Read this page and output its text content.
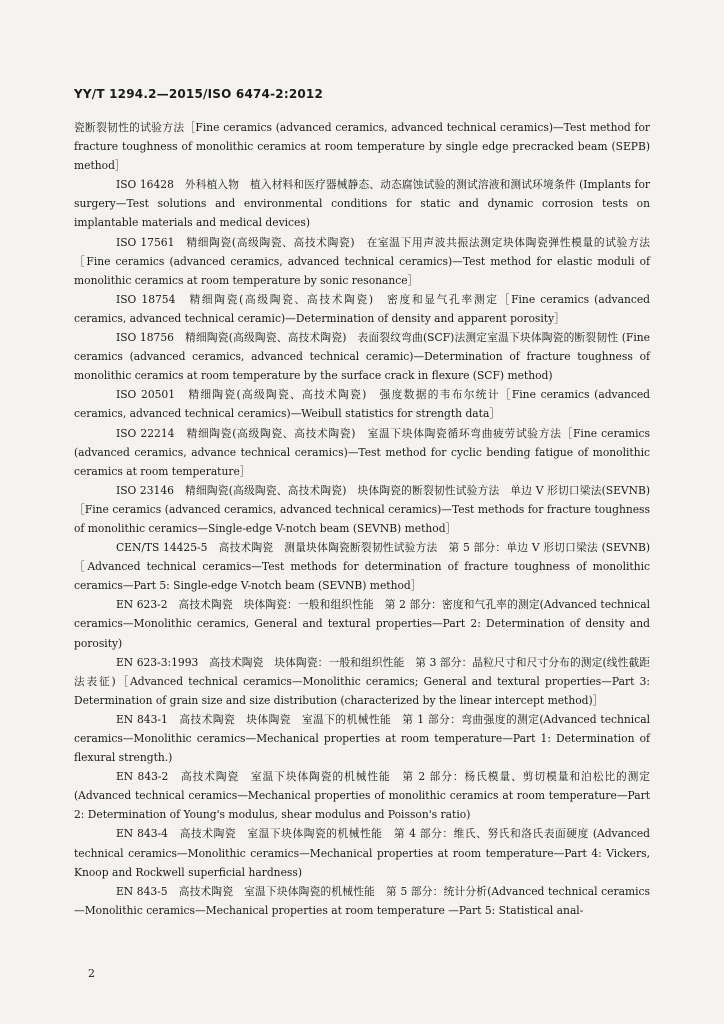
YY/T 1294.2—2015/ISO 6474-2:2012

瓷断裂韧性的试验方法［Fine ceramics (advanced ceramics, advanced technical ceramics)—Test method for fracture toughness of monolithic ceramics at room temperature by single edge precracked beam (SEPB) method］

ISO 16428　外科植入物　植入材料和医疗器械静态、动态腐蚀试验的测试溶液和测试环境条件 (Implants for surgery—Test solutions and environmental conditions for static and dynamic corrosion tests on implantable materials and medical devices)

ISO 17561　精细陶瓷(高级陶瓷、高技术陶瓷)　在室温下用声波共振法测定块体陶瓷弹性模量的试验方法［Fine ceramics (advanced ceramics, advanced technical ceramics)—Test method for elastic moduli of monolithic ceramics at room temperature by sonic resonance］

ISO 18754　精细陶瓷(高级陶瓷、高技术陶瓷)　密度和显气孔率测定［Fine ceramics (advanced ceramics, advanced technical ceramic)—Determination of density and apparent porosity］

ISO 18756　精细陶瓷(高级陶瓷、高技术陶瓷)　表面裂纹弯曲(SCF)法测定室温下块体陶瓷的断裂韧性 (Fine ceramics (advanced ceramics, advanced technical ceramic)—Determination of fracture toughness of monolithic ceramics at room temperature by the surface crack in flexure (SCF) method)

ISO 20501　精细陶瓷(高级陶瓷、高技术陶瓷)　强度数据的韦布尔统计［Fine ceramics (advanced ceramics, advanced technical ceramics)—Weibull statistics for strength data］

ISO 22214　精细陶瓷(高级陶瓷、高技术陶瓷)　室温下块体陶瓷循环弯曲疲劳试验方法［Fine ceramics (advanced ceramics, advance technical ceramics)—Test method for cyclic bending fatigue of monolithic ceramics at room temperature］

ISO 23146　精细陶瓷(高级陶瓷、高技术陶瓷)　块体陶瓷的断裂韧性试验方法　单边 V 形切口梁法(SEVNB)［Fine ceramics (advanced ceramics, advanced technical ceramics)—Test methods for fracture toughness of monolithic ceramics—Single-edge V-notch beam (SEVNB) method］

CEN/TS 14425-5　高技术陶瓷　测量块体陶瓷断裂韧性试验方法　第 5 部分：单边 V 形切口梁法 (SEVNB)［Advanced technical ceramics—Test methods for determination of fracture toughness of monolithic ceramics—Part 5: Single-edge V-notch beam (SEVNB) method］

EN 623-2　高技术陶瓷　块体陶瓷：一般和组织性能　第 2 部分：密度和气孔率的测定(Advanced technical ceramics—Monolithic ceramics, General and textural properties—Part 2: Determination of density and porosity)

EN 623-3:1993　高技术陶瓷　块体陶瓷：一般和组织性能　第 3 部分：晶粒尺寸和尺寸分布的测定(线性截距法表征)［Advanced technical ceramics—Monolithic ceramics; General and textural properties—Part 3: Determination of grain size and size distribution (characterized by the linear intercept method)］

EN 843-1　高技术陶瓷　块体陶瓷　室温下的机械性能　第 1 部分：弯曲强度的测定(Advanced technical ceramics—Monolithic ceramics—Mechanical properties at room temperature—Part 1: Determination of flexural strength.)

EN 843-2　高技术陶瓷　室温下块体陶瓷的机械性能　第 2 部分：杨氏模量、剪切模量和泊松比的测定(Advanced technical ceramics—Mechanical properties of monolithic ceramics at room temperature—Part 2: Determination of Young's modulus, shear modulus and Poisson's ratio)

EN 843-4　高技术陶瓷　室温下块体陶瓷的机械性能　第 4 部分：维氏、努氏和洛氏表面硬度 (Advanced technical ceramics—Monolithic ceramics—Mechanical properties at room temperature—Part 4: Vickers, Knoop and Rockwell superficial hardness)

EN 843-5　高技术陶瓷　室温下块体陶瓷的机械性能　第 5 部分：统计分析(Advanced technical ceramics—Monolithic ceramics—Mechanical properties at room temperature —Part 5: Statistical anal-

2
